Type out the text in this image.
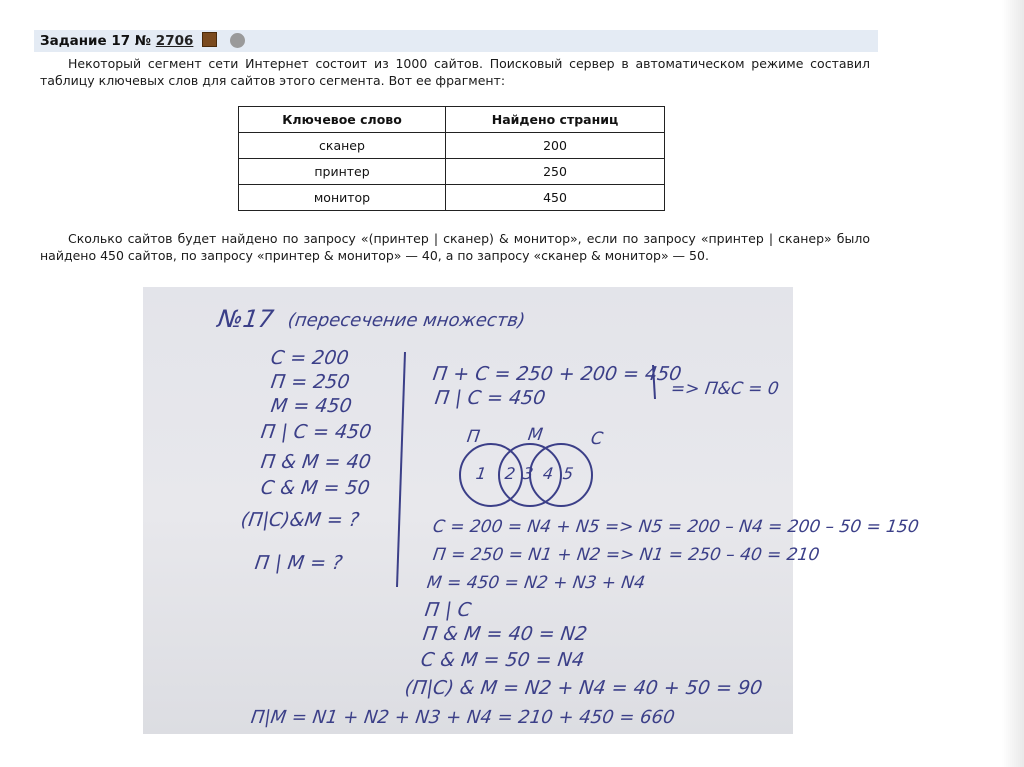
Задание 17 № 2706
Некоторый сегмент сети Интернет состоит из 1000 сайтов. Поисковый сервер в автоматическом режиме составил таблицу ключевых слов для сайтов этого сегмента. Вот ее фрагмент:
Ключевое слово	Найдено страниц
сканер	200
принтер	250
монитор	450
Сколько сайтов будет найдено по запросу «(принтер | сканер) & монитор», если по запросу «принтер | сканер» было найдено 450 сайтов, по запросу «принтер & монитор» — 40, а по запросу «сканер & монитор» — 50.
№17 (пересечение множеств)
С = 200
П = 250
М = 450
П | С = 450
П & М = 40
С & М = 50
(П|С)&М = ?
П | М = ?
П	М	С
1 2 3 4 5
П + С = 250 + 200 = 450
=> П&С = 0
П | С = 450
С = 200 = N4 + N5 => N5 = 200 – N4 = 200 – 50 = 150
П = 250 = N1 + N2 => N1 = 250 – 40 = 210
М = 450 = N2 + N3 + N4
П | С
П & М = 40 = N2
С & М = 50 = N4
(П|С) & М = N2 + N4 = 40 + 50 = 90
П|М = N1 + N2 + N3 + N4 = 210 + 450 = 660
